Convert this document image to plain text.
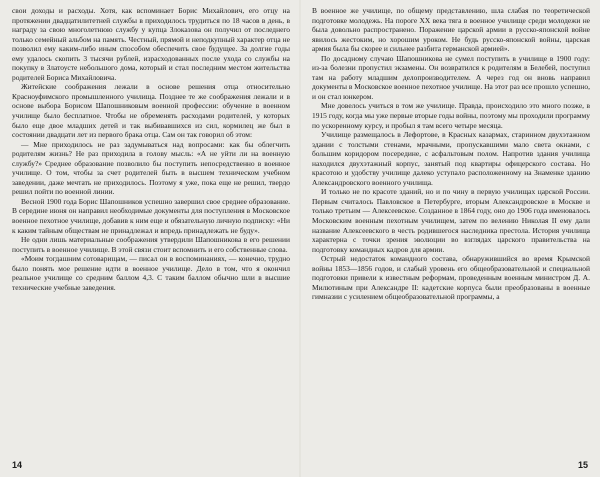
свои доходы и расходы. Хотя, как вспоминает Борис Михайлович, его отцу на протяжении двадцатилитетней службы в приходилось трудиться по 18 часов в день, в награду за свою многолетнюю службу у купца Злоказова он получил от последнего только семейный альбом на память. Честный, прямой и неподкупный характер отца не позволил ему каким-либо иным способом обеспечить свое будущее. За долгие годы ему удалось скопить 3 тысячи рублей, израсходованных после ухода со службы на покупку в Златоусте небольшого дома, который и стал последним местом жительства родителей Бориса Михайловича.

Житейские соображения лежали в основе решения отца относительно Красноуфимского промышленного училища. Позднее те же соображения лежали и в основе выбора Борисом Шапошниковым военной профессии: обучение в военном училище было бесплатное. Чтобы не обременять расходами родителей, у которых было еще двое младших детей и так выбивавшихся из сил, кормилец же был в состоянии двадцати лет из первого брака отца. Сам он так говорил об этом:

— Мне приходилось не раз задумываться над вопросами: как бы облегчить родителям жизнь? Не раз приходила в голову мысль: «А не уйти ли на военную службу?» Среднее образование позволило бы поступить непосредственно в военное училище. О том, чтобы за счет родителей быть в высшем техническом учебном заведении, даже мечтать не приходилось. Поэтому я уже, пока еще не решил, твердо решил пойти по военной линии.

Весной 1900 года Борис Шапошников успешно завершил свое среднее образование. В середине июня он направил необходимые документы для поступления в Московское военное пехотное училище, добавив к ним еще и обязательную личную подписку: «Ни к каким тайным обществам не принадлежал и впредь принадлежать не буду».

Не одни лишь материальные соображения утвердили Шапошникова в его решении поступить в военное училище. В этой связи стоит вспомнить и его собственные слова.

«Моим тогдашним сотоварищам, — писал он в воспоминаниях, — конечно, трудно было понять мое решение идти в военное училище. Дело в том, что я окончил реальное училище со средним баллом 4,3. С таким баллом обычно шли в высшие технические учебные заведения.

14

В военное же училище, по общему представлению, шла слабая по теоретической подготовке молодежь. На пороге XX века тяга в военное училище среди молодежи не была довольно распространено. Поражение царской армии в русско-японской войне явилось жестоким, но хорошим уроком. Не будь русско-японской войны, царская армия была бы скорее и сильнее разбита германской армией».

По досадному случаю Шапошникова не сумел поступить в училище в 1900 году: из-за болезни пропустил экзамены. Он возвратился к родителям в Белебей, поступил там на работу младшим делопроизводителем. А через год он вновь направил документы в Московское военное пехотное училище. На этот раз все прошло успешно, и он стал юнкером.

Мне довелось учиться в том же училище. Правда, происходило это много позже, в 1915 году, когда мы уже первые вторые годы войны, поэтому мы проходили программу по ускоренному курсу, и пробыл я там всего четыре месяца.

Училище размещалось в Лефортове, в Красных казармах, старинном двухэтажном здании с толстыми стенами, мрачными, пропускавшими мало света окнами, с большим коридором посередине, с асфальтовым полом. Напротив здания училища находился двухэтажный корпус, занятый под квартиры офицерского состава. Но красотою и удобству училище далеко уступало расположенному на Знаменке зданию Александровского военного училища.

И только не по красоте зданий, но и по чину в первую училищах царской России. Первым считалось Павловское в Петербурге, вторым Александровское в Москве и только третьим — Алексеевское. Созданное в 1864 году, оно до 1906 года именовалось Московским военным пехотным училищем, затем по велению Николая II ему дали название Алексеевского в честь родившегося наследника престола. История училища характерна с точки зрения эволюции во взглядах царского правительства на подготовку командных кадров для армии.

Острый недостаток командного состава, обнаружившийся во время Крымской войны 1853—1856 годов, и слабый уровень его общеобразовательной и специальной подготовки привели к известным реформам, проведенным военным министром Д. А. Милютиным при Александре II: кадетские корпуса были преобразованы в военные гимназии с усилением общеобразовательной программы, а

15
